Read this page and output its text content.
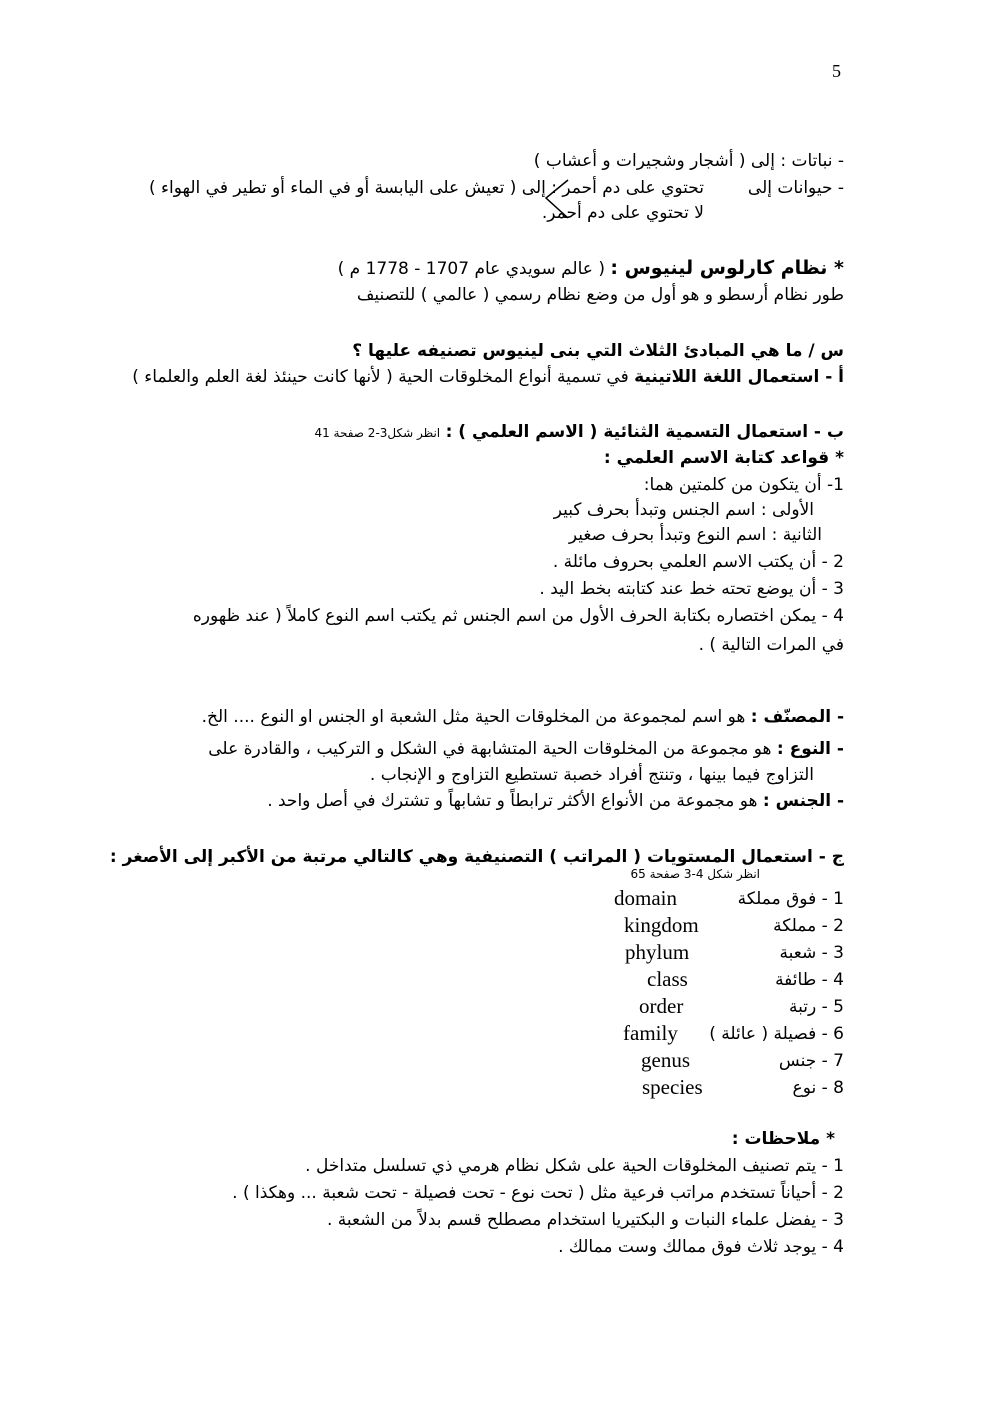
5
- نباتات : إلى ( أشجار وشجيرات و أعشاب )
- حيوانات إلى
تحتوي على دم أحمر : إلى ( تعيش على اليابسة أو في الماء أو تطير في الهواء )
لا تحتوي على دم أحمر.
* نظام كارلوس لينيوس : ( عالم سويدي عام 1707 - 1778 م )
طور نظام أرسطو و هو أول من وضع نظام رسمي ( عالمي ) للتصنيف
س / ما هي المبادئ الثلاث التي بنى لينيوس تصنيفه عليها ؟
أ - استعمال اللغة اللاتينية في تسمية أنواع المخلوقات الحية ( لأنها كانت حينئذ لغة العلم والعلماء )
ب - استعمال التسمية الثنائية ( الاسم العلمي ) : انظر شكل3-2 صفحة 41
* قواعد كتابة الاسم العلمي :
1- أن يتكون من كلمتين هما:
الأولى : اسم الجنس وتبدأ بحرف كبير
الثانية : اسم النوع وتبدأ بحرف صغير
2 - أن يكتب الاسم العلمي بحروف مائلة .
3 - أن يوضع تحته خط عند كتابته بخط اليد .
4 - يمكن اختصاره بكتابة الحرف الأول من اسم الجنس ثم يكتب اسم النوع كاملاً ( عند ظهوره
في المرات التالية ) .
- المصنّف : هو اسم لمجموعة من المخلوقات الحية مثل الشعبة او الجنس او النوع .... الخ.
- النوع : هو مجموعة من المخلوقات الحية المتشابهة في الشكل و التركيب ، والقادرة على
التزاوج فيما بينها ، وتنتج أفراد خصبة تستطيع التزاوج و الإنجاب .
- الجنس : هو مجموعة من الأنواع الأكثر ترابطاً و تشابهاً و تشترك في أصل واحد .
ج - استعمال المستويات ( المراتب ) التصنيفية وهي كالتالي مرتبة من الأكبر إلى الأصغر :
انظر شكل 4-3 صفحة 65
1 - فوق مملكة
domain
2 - مملكة
kingdom
3 - شعبة
phylum
4 - طائفة
class
5 - رتبة
order
6 - فصيلة ( عائلة )
family
7 - جنس
genus
8 - نوع
species
* ملاحظات :
1 - يتم تصنيف المخلوقات الحية على شكل نظام هرمي ذي تسلسل متداخل .
2 - أحياناً تستخدم مراتب فرعية مثل ( تحت نوع - تحت فصيلة - تحت شعبة ... وهكذا ) .
3 - يفضل علماء النبات و البكتيريا استخدام مصطلح قسم بدلاً من الشعبة .
4 - يوجد ثلاث فوق ممالك وست ممالك .
